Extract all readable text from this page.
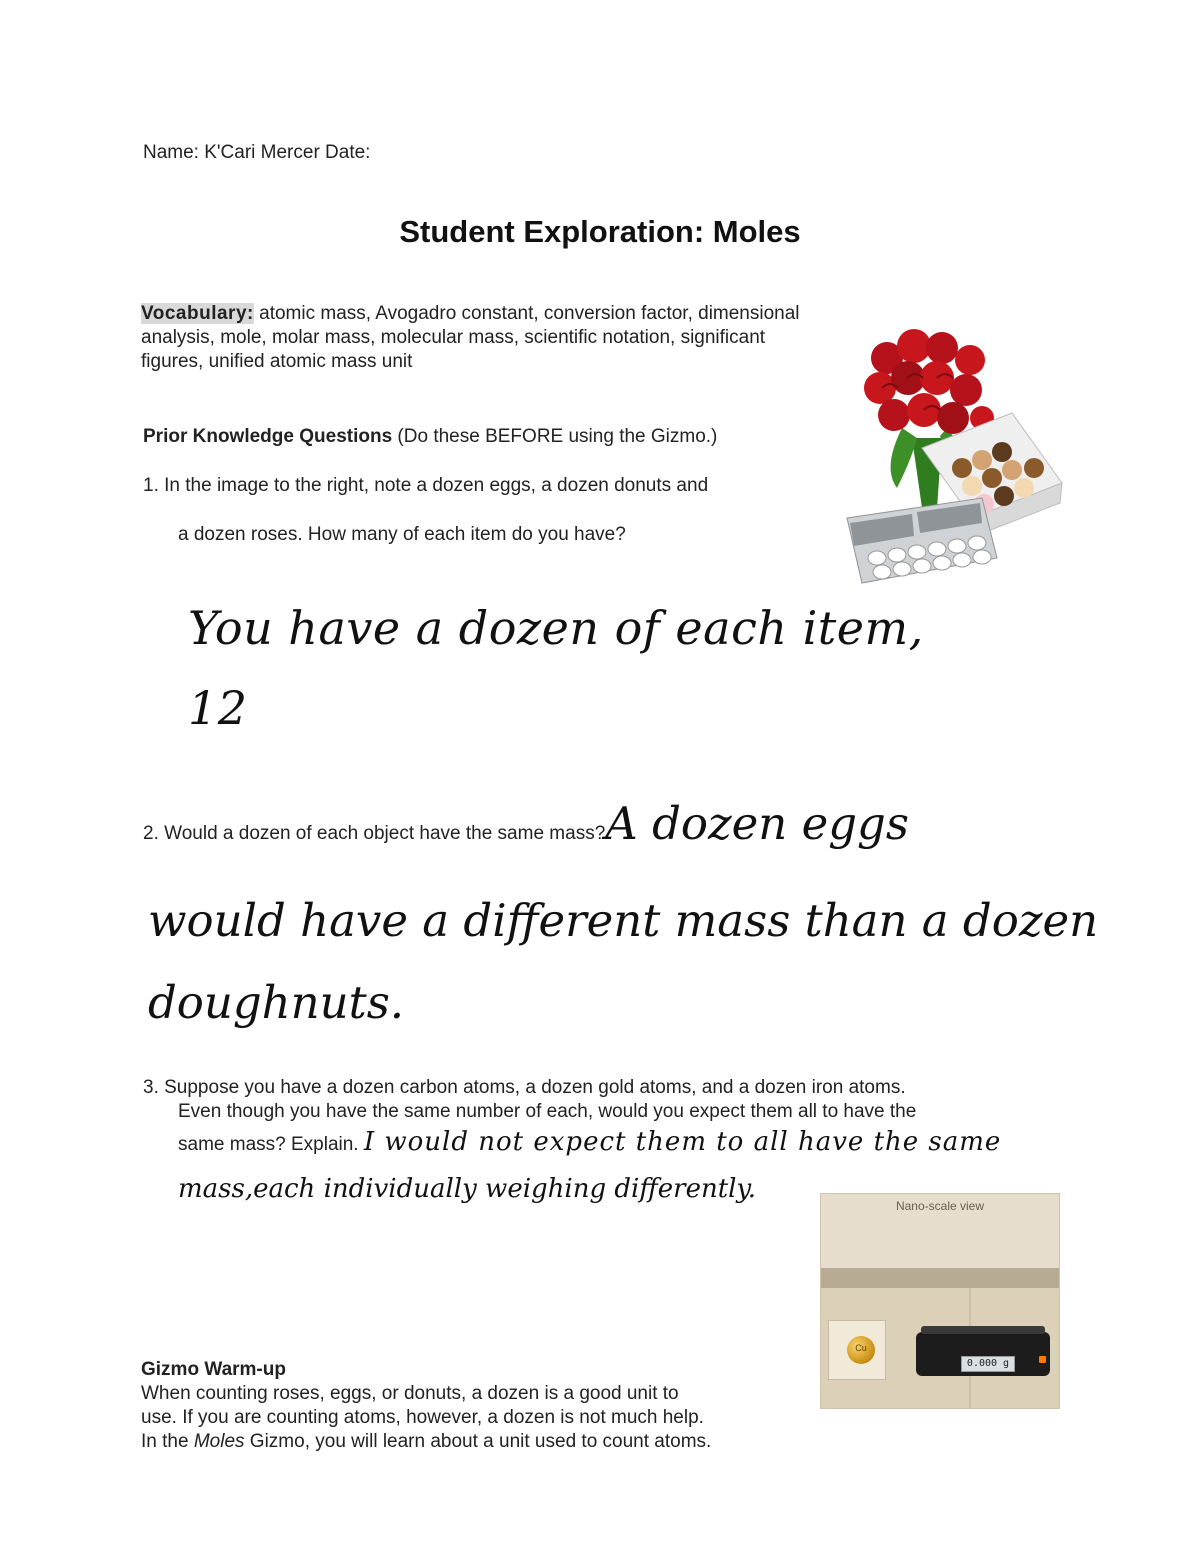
Name: K'Cari Mercer Date:
Student Exploration: Moles
Vocabulary: atomic mass, Avogadro constant, conversion factor, dimensional analysis, mole, molar mass, molecular mass, scientific notation, significant figures, unified atomic mass unit
Prior Knowledge Questions (Do these BEFORE using the Gizmo.)
1. In the image to the right, note a dozen eggs, a dozen donuts and
a dozen roses. How many of each item do you have?
You have a dozen of each item,
12
2. Would a dozen of each object have the same mass?A dozen eggs
would have a different mass than a dozen
doughnuts.
3. Suppose you have a dozen carbon atoms, a dozen gold atoms, and a dozen iron atoms.
Even though you have the same number of each, would you expect them all to have the
same mass? Explain. I would not expect them to all have the same
mass,each individually weighing differently.
Nano-scale view
Cu
0.000 g
Gizmo Warm-up
When counting roses, eggs, or donuts, a dozen is a good unit to
use. If you are counting atoms, however, a dozen is not much help.
In the Moles Gizmo, you will learn about a unit used to count atoms.
